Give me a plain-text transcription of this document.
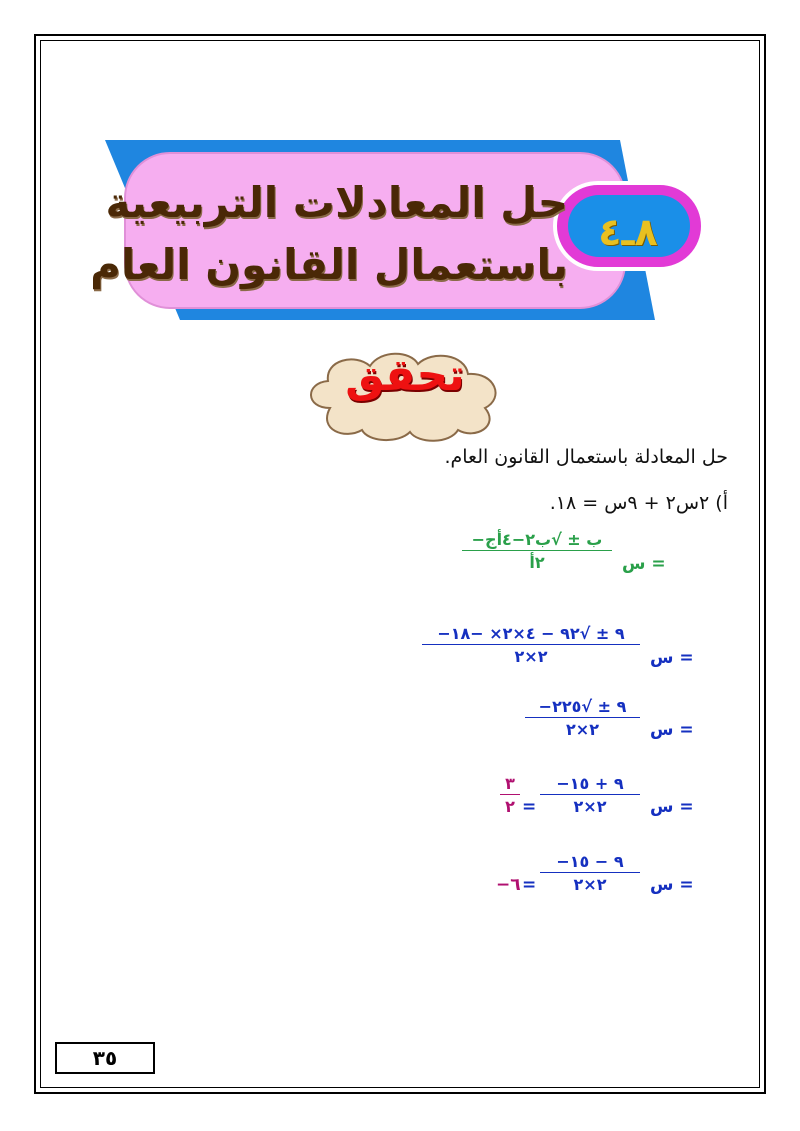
حل المعادلات التربيعية
باستعمال القانون العام
٨ـ٤
تحقق
حل المعادلة باستعمال القانون العام.
أ) ٢س٢ + ٩س = ١٨.
س =
−ب ± √ب٢−٤أج
٢أ
س =
−٩ ± √٩٢ − ٤×٢× −١٨
٢×٢
س =
−٩ ± √٢٢٥
٢×٢
س =
−٩ + ١٥
٢×٢
=
٣
٢
س =
−٩ − ١٥
٢×٢
=
−٦
٣٥
